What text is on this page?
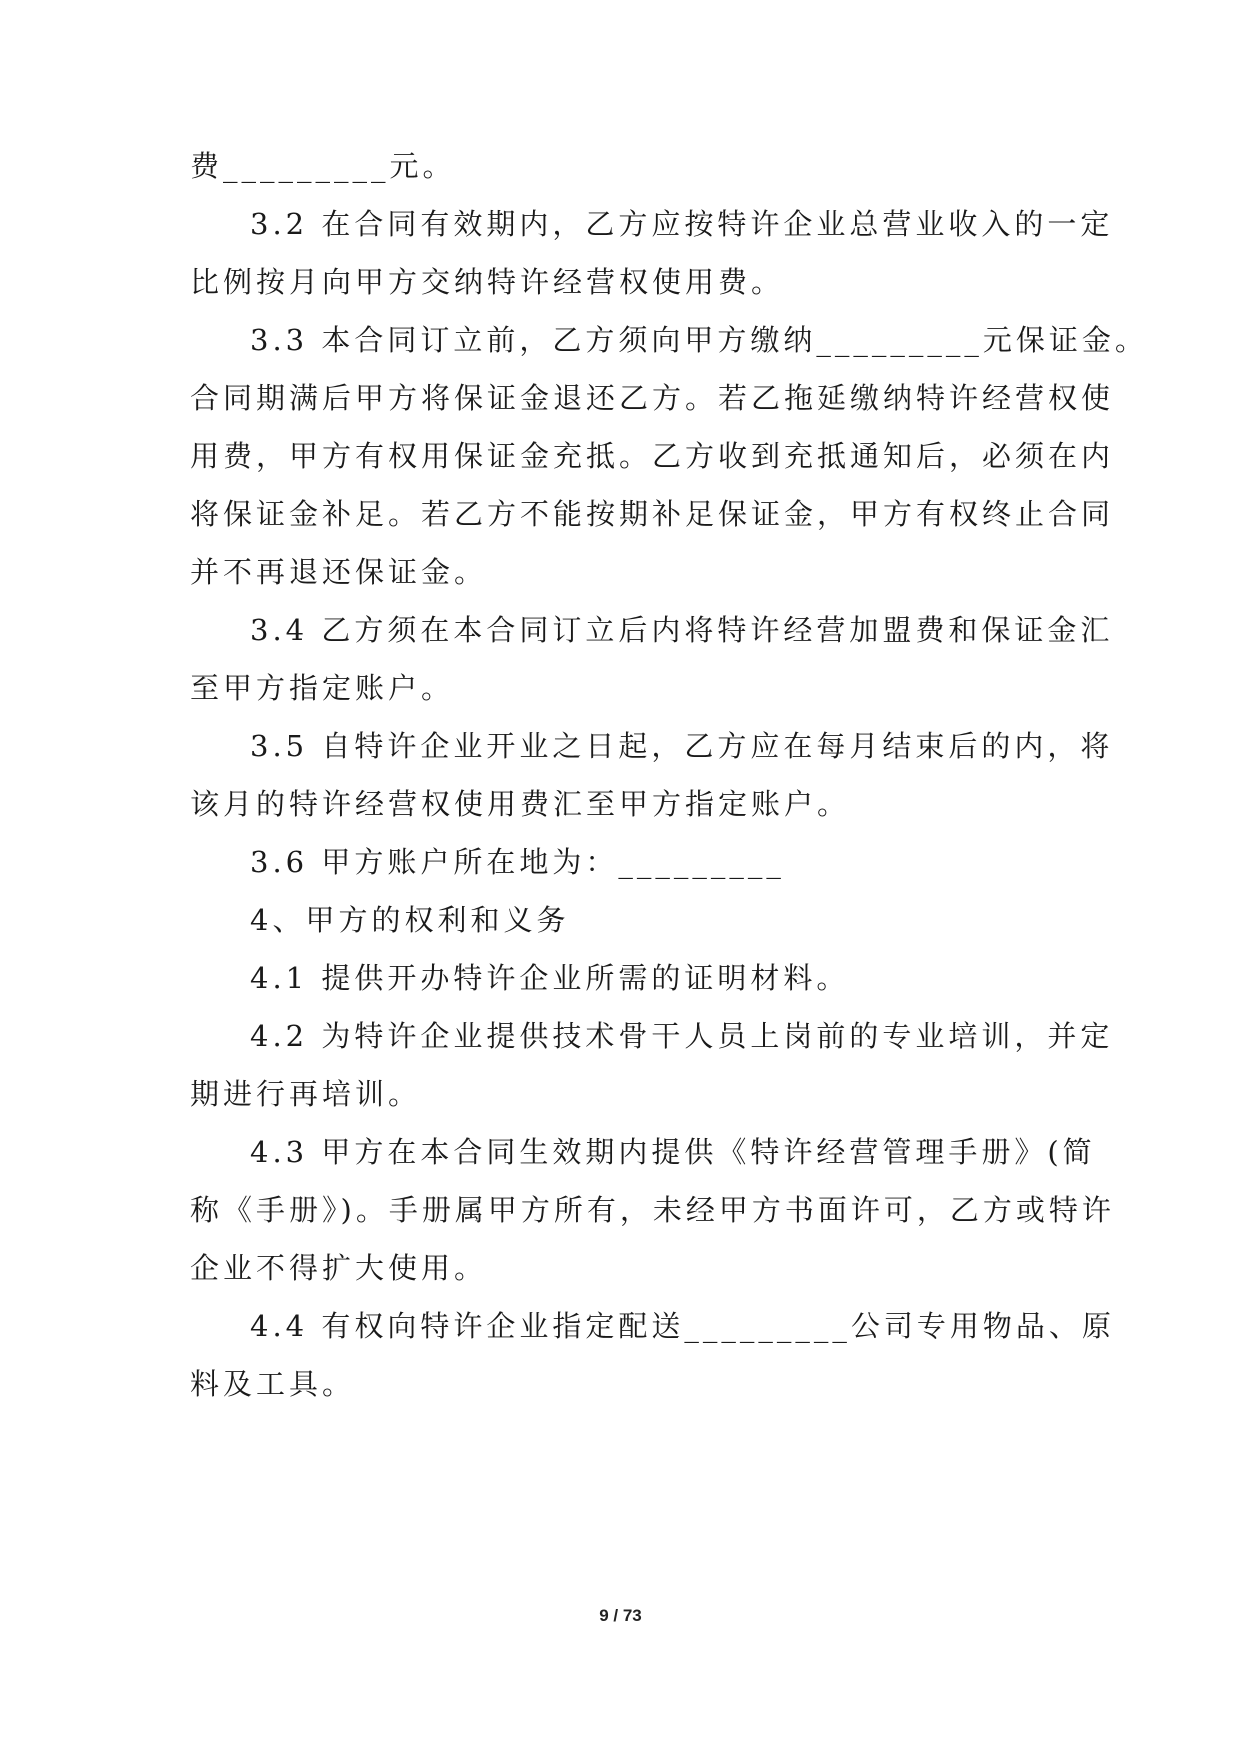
费_________元。
3.2 在合同有效期内，乙方应按特许企业总营业收入的一定
比例按月向甲方交纳特许经营权使用费。
3.3 本合同订立前，乙方须向甲方缴纳_________元保证金。
合同期满后甲方将保证金退还乙方。若乙拖延缴纳特许经营权使
用费，甲方有权用保证金充抵。乙方收到充抵通知后，必须在内
将保证金补足。若乙方不能按期补足保证金，甲方有权终止合同
并不再退还保证金。
3.4 乙方须在本合同订立后内将特许经营加盟费和保证金汇
至甲方指定账户。
3.5 自特许企业开业之日起，乙方应在每月结束后的内，将
该月的特许经营权使用费汇至甲方指定账户。
3.6 甲方账户所在地为：_________
4、甲方的权利和义务
4.1 提供开办特许企业所需的证明材料。
4.2 为特许企业提供技术骨干人员上岗前的专业培训，并定
期进行再培训。
4.3 甲方在本合同生效期内提供《特许经营管理手册》(简
称《手册》)。手册属甲方所有，未经甲方书面许可，乙方或特许
企业不得扩大使用。
4.4 有权向特许企业指定配送_________公司专用物品、原
料及工具。
9 / 73
